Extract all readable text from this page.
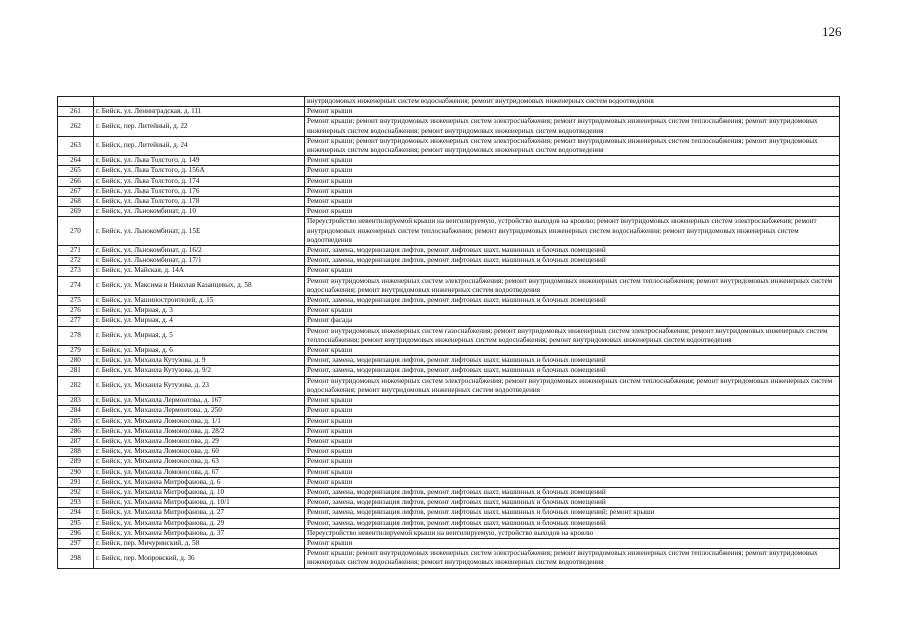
126
		внутридомовых инженерных систем водоснабжения; ремонт внутридомовых инженерных систем водоотведения
261	г. Бийск, ул. Ленинградская, д. 111	Ремонт крыши
262	г. Бийск, пер. Литейный, д. 22	Ремонт крыши; ремонт внутридомовых инженерных систем электроснабжения; ремонт внутридомовых инженерных систем теплоснабжения; ремонт внутридомовых инженерных систем водоснабжения; ремонт внутридомовых инженерных систем водоотведения
263	г. Бийск, пер. Литейный, д. 24	Ремонт крыши; ремонт внутридомовых инженерных систем электроснабжения; ремонт внутридомовых инженерных систем теплоснабжения; ремонт внутридомовых инженерных систем водоснабжения; ремонт внутридомовых инженерных систем водоотведения
264	г. Бийск, ул. Льва Толстого, д. 149	Ремонт крыши
265	г. Бийск, ул. Льва Толстого, д. 156А	Ремонт крыши
266	г. Бийск, ул. Льва Толстого, д. 174	Ремонт крыши
267	г. Бийск, ул. Льва Толстого, д. 176	Ремонт крыши
268	г. Бийск, ул. Льва Толстого, д. 178	Ремонт крыши
269	г. Бийск, ул. Льнокомбинат, д. 10	Ремонт крыши
270	г. Бийск, ул. Льнокомбинат, д. 15Е	Переустройство невентилируемой крыши на вентилируемую, устройство выходов на кровлю; ремонт внутридомовых инженерных систем электроснабжения; ремонт внутридомовых инженерных систем теплоснабжения; ремонт внутридомовых инженерных систем водоснабжения; ремонт внутридомовых инженерных систем водоотведения
271	г. Бийск, ул. Льнокомбинат, д. 16/2	Ремонт, замена, модернизация лифтов, ремонт лифтовых шахт, машинных и блочных помещений
272	г. Бийск, ул. Льнокомбинат, д. 17/1	Ремонт, замена, модернизация лифтов, ремонт лифтовых шахт, машинных и блочных помещений
273	г. Бийск, ул. Майская, д. 14А	Ремонт крыши
274	г. Бийск, ул. Максима и Николая Казанцевых, д. 58	Ремонт внутридомовых инженерных систем электроснабжения; ремонт внутридомовых инженерных систем теплоснабжения; ремонт внутридомовых инженерных систем водоснабжения; ремонт внутридомовых инженерных систем водоотведения
275	г. Бийск, ул. Машиностроителей, д. 15	Ремонт, замена, модернизация лифтов, ремонт лифтовых шахт, машинных и блочных помещений
276	г. Бийск, ул. Мирная, д. 3	Ремонт крыши
277	г. Бийск, ул. Мирная, д. 4	Ремонт фасада
278	г. Бийск, ул. Мирная, д. 5	Ремонт внутридомовых инженерных систем газоснабжения; ремонт внутридомовых инженерных систем электроснабжения; ремонт внутридомовых инженерных систем теплоснабжения; ремонт внутридомовых инженерных систем водоснабжения; ремонт внутридомовых инженерных систем водоотведения
279	г. Бийск, ул. Мирная, д. 6	Ремонт крыши
280	г. Бийск, ул. Михаила Кутузова, д. 9	Ремонт, замена, модернизация лифтов, ремонт лифтовых шахт, машинных и блочных помещений
281	г. Бийск, ул. Михаила Кутузова, д. 9/2	Ремонт, замена, модернизация лифтов, ремонт лифтовых шахт, машинных и блочных помещений
282	г. Бийск, ул. Михаила Кутузова, д. 23	Ремонт внутридомовых инженерных систем электроснабжения; ремонт внутридомовых инженерных систем теплоснабжения; ремонт внутридомовых инженерных систем водоснабжения; ремонт внутридомовых инженерных систем водоотведения
283	г. Бийск, ул. Михаила Лермонтова, д. 167	Ремонт крыши
284	г. Бийск, ул. Михаила Лермонтова, д. 250	Ремонт крыши
285	г. Бийск, ул. Михаила Ломоносова, д. 1/1	Ремонт крыши
286	г. Бийск, ул. Михаила Ломоносова, д. 28/2	Ремонт крыши
287	г. Бийск, ул. Михаила Ломоносова, д. 29	Ремонт крыши
288	г. Бийск, ул. Михаила Ломоносова, д. 60	Ремонт крыши
289	г. Бийск, ул. Михаила Ломоносова, д. 63	Ремонт крыши
290	г. Бийск, ул. Михаила Ломоносова, д. 67	Ремонт крыши
291	г. Бийск, ул. Михаила Митрофанова, д. 6	Ремонт крыши
292	г. Бийск, ул. Михаила Митрофанова, д. 10	Ремонт, замена, модернизация лифтов, ремонт лифтовых шахт, машинных и блочных помещений
293	г. Бийск, ул. Михаила Митрофанова, д. 10/1	Ремонт, замена, модернизация лифтов, ремонт лифтовых шахт, машинных и блочных помещений
294	г. Бийск, ул. Михаила Митрофанова, д. 27	Ремонт, замена, модернизация лифтов, ремонт лифтовых шахт, машинных и блочных помещений; ремонт крыши
295	г. Бийск, ул. Михаила Митрофанова, д. 29	Ремонт, замена, модернизация лифтов, ремонт лифтовых шахт, машинных и блочных помещений
296	г. Бийск, ул. Михаила Митрофанова, д. 37	Переустройство невентилируемой крыши на вентилируемую, устройство выходов на кровлю
297	г. Бийск, пер. Мичуринский, д. 58	Ремонт крыши
298	г. Бийск, пер. Мопровский, д. 36	Ремонт крыши; ремонт внутридомовых инженерных систем электроснабжения; ремонт внутридомовых инженерных систем теплоснабжения; ремонт внутридомовых инженерных систем водоснабжения; ремонт внутридомовых инженерных систем водоотведения
